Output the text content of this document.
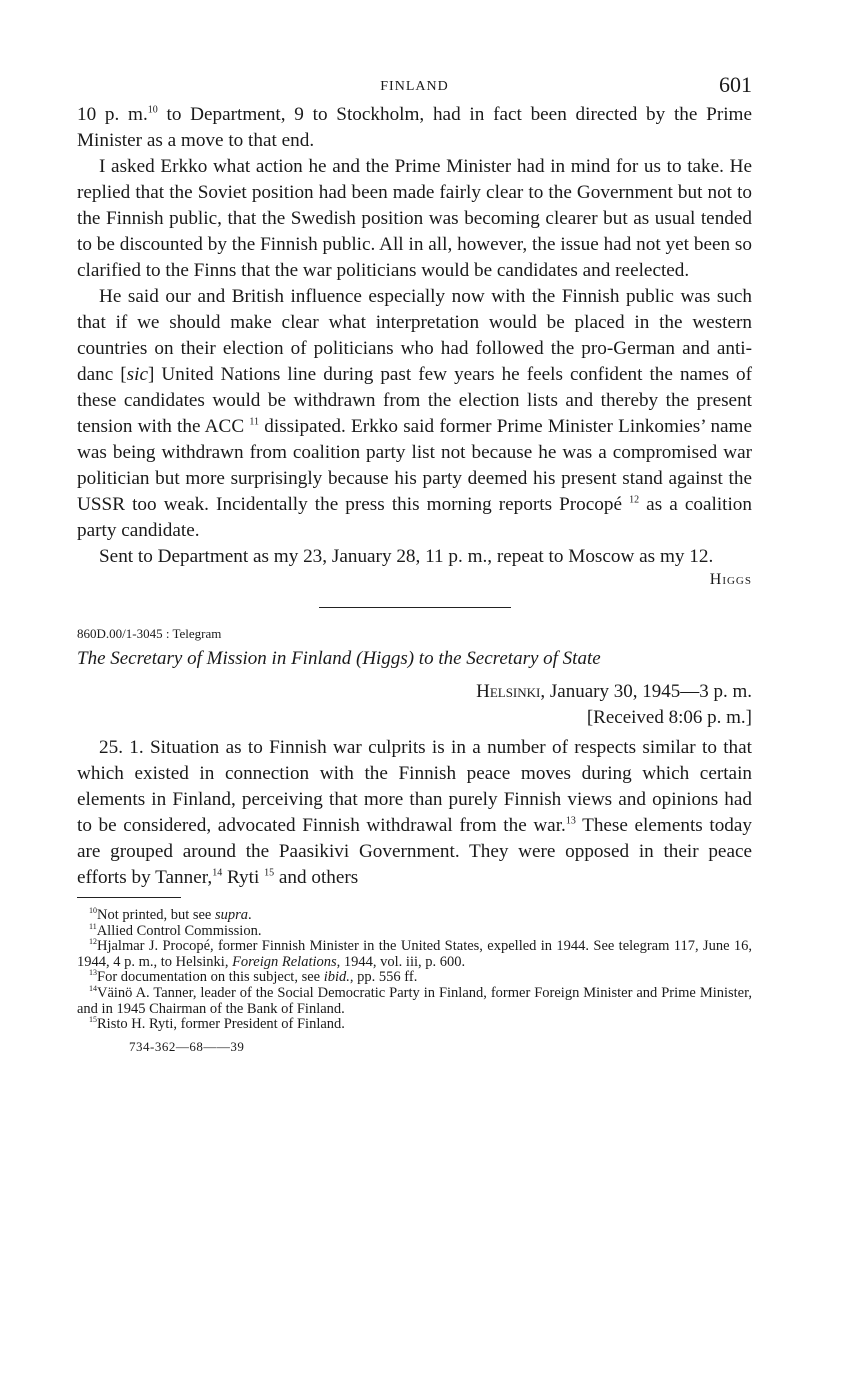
FINLAND	601

10 p. m.$^{10}$ to Department, 9 to Stockholm, had in fact been directed by the Prime Minister as a move to that end.

I asked Erkko what action he and the Prime Minister had in mind for us to take. He replied that the Soviet position had been made fairly clear to the Government but not to the Finnish public, that the Swedish position was becoming clearer but as usual tended to be discounted by the Finnish public. All in all, however, the issue had not yet been so clarified to the Finns that the war politicians would be candidates and reelected.

He said our and British influence especially now with the Finnish public was such that if we should make clear what interpretation would be placed in the western countries on their election of politicians who had followed the pro-German and anti-danc [sic] United Nations line during past few years he feels confident the names of these candidates would be withdrawn from the election lists and thereby the present tension with the ACC $^{11}$ dissipated. Erkko said former Prime Minister Linkomies’ name was being withdrawn from coalition party list not because he was a compromised war politician but more surprisingly because his party deemed his present stand against the USSR too weak. Incidentally the press this morning reports Procopé $^{12}$ as a coalition party candidate.

Sent to Department as my 23, January 28, 11 p. m., repeat to Moscow as my 12.

Higgs
860D.00/1-3045 : Telegram
The Secretary of Mission in Finland (Higgs) to the Secretary of State
Helsinki, January 30, 1945—3 p. m.
[Received 8:06 p. m.]

25. 1. Situation as to Finnish war culprits is in a number of respects similar to that which existed in connection with the Finnish peace moves during which certain elements in Finland, perceiving that more than purely Finnish views and opinions had to be considered, advocated Finnish withdrawal from the war.$^{13}$ These elements today are grouped around the Paasikivi Government. They were opposed in their peace efforts by Tanner,$^{14}$ Ryti $^{15}$ and others

$^{10}$Not printed, but see supra.
$^{11}$Allied Control Commission.
$^{12}$Hjalmar J. Procopé, former Finnish Minister in the United States, expelled in 1944. See telegram 117, June 16, 1944, 4 p. m., to Helsinki, Foreign Relations, 1944, vol. iii, p. 600.
$^{13}$For documentation on this subject, see ibid., pp. 556 ff.
$^{14}$Väinö A. Tanner, leader of the Social Democratic Party in Finland, former Foreign Minister and Prime Minister, and in 1945 Chairman of the Bank of Finland.
$^{15}$Risto H. Ryti, former President of Finland.
734-362—68——39
